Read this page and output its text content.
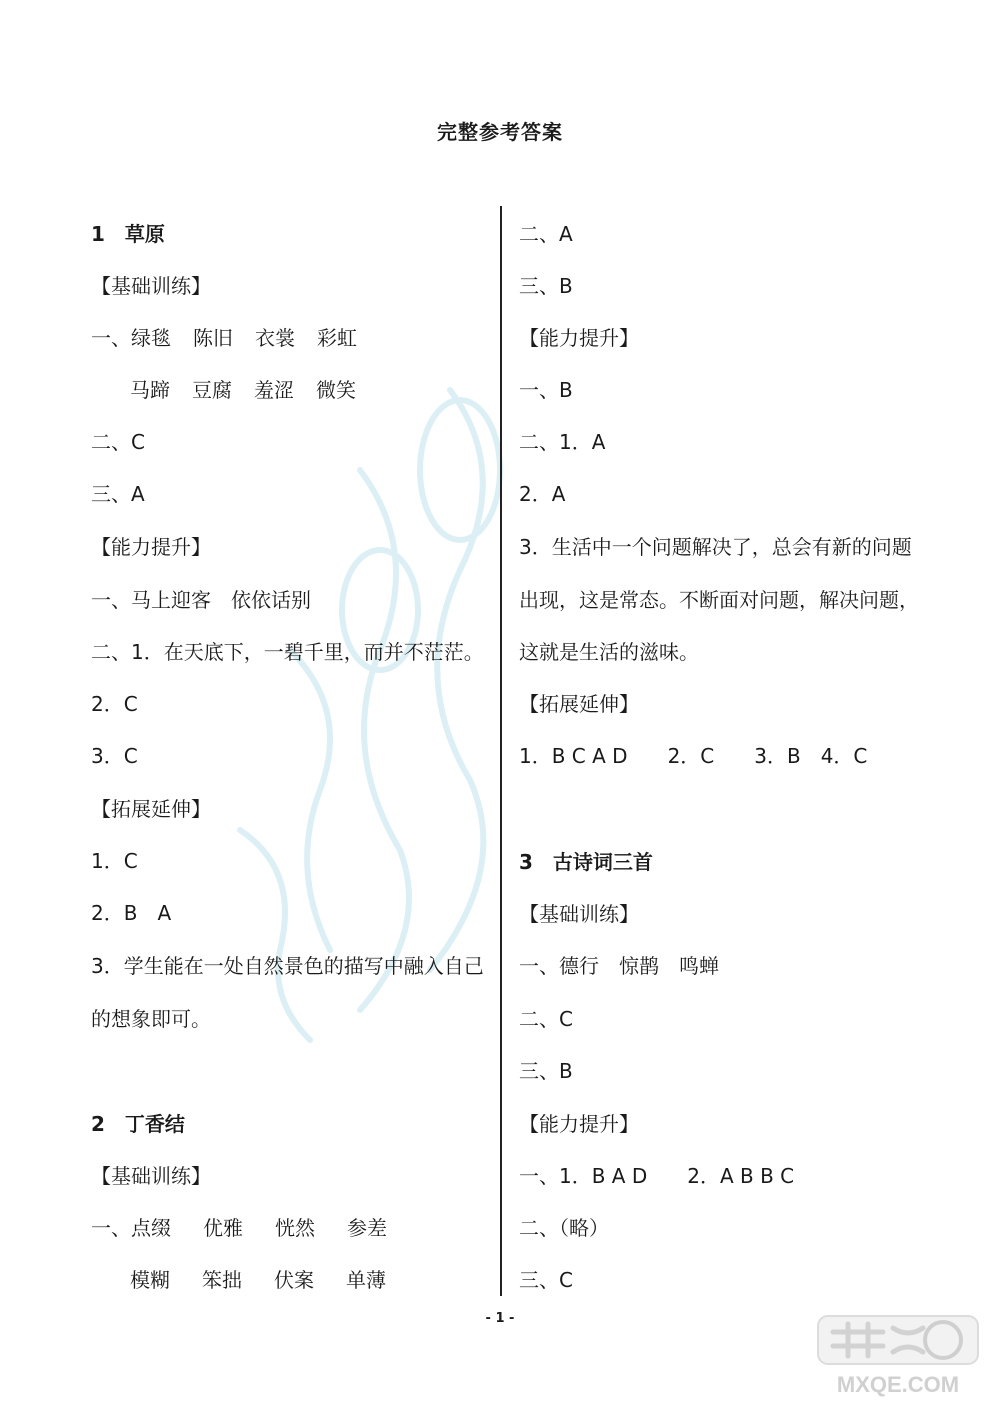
完整参考答案
1 草原
【基础训练】
一、绿毯 陈旧 衣裳 彩虹
马蹄 豆腐 羞涩 微笑
二、C
三、A
【能力提升】
一、马上迎客　依依话别
二、1．在天底下，一碧千里，而并不茫茫。
2．C
3．C
【拓展延伸】
1．C
2．B　A
3．学生能在一处自然景色的描写中融入自己
的想象即可。
2 丁香结
【基础训练】
一、点缀 优雅 恍然 参差
模糊 笨拙 伏案 单薄
二、A
三、B
【能力提升】
一、B
二、1．A
2．A
3．生活中一个问题解决了，总会有新的问题
出现，这是常态。不断面对问题，解决问题，
这就是生活的滋味。
【拓展延伸】
1．B C A D　　2．C　　3．B　4．C
3 古诗词三首
【基础训练】
一、德行　惊鹊　鸣蝉
二、C
三、B
【能力提升】
一、1．B A D　　2．A B B C
二、（略）
三、C
- 1 -
MXQE.COM
